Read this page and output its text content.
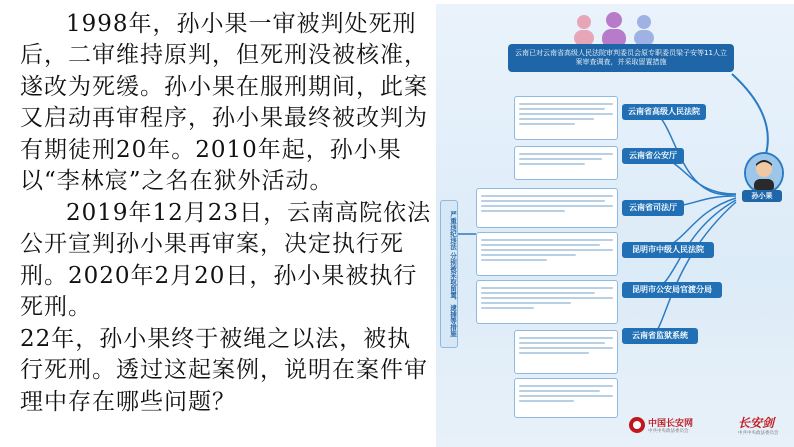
1998年，孙小果一审被判处死刑后，二审维持原判，但死刑没被核准，遂改为死缓。孙小果在服刑期间，此案又启动再审程序，孙小果最终被改判为有期徒刑20年。2010年起，孙小果以“李林宸”之名在狱外活动。

2019年12月23日，云南高院依法公开宣判孙小果再审案，决定执行死刑。2020年2月20日，孙小果被执行死刑。

22年，孙小果终于被绳之以法，被执行死刑。透过这起案例，说明在案件审理中存在哪些问题？

云南已对云南省高级人民法院审判委员会原专职委员梁子安等11人立案审查调查，并采取留置措施
严重违纪违法 分别被采取留置、逮捕等措施
云南省高级人民法院
云南省公安厅
云南省司法厅
昆明市中级人民法院
昆明市公安局官渡分局
云南省监狱系统
孙小果
中国长安网
中共中央政法委员会
长安剑
中共中央政法委员会
